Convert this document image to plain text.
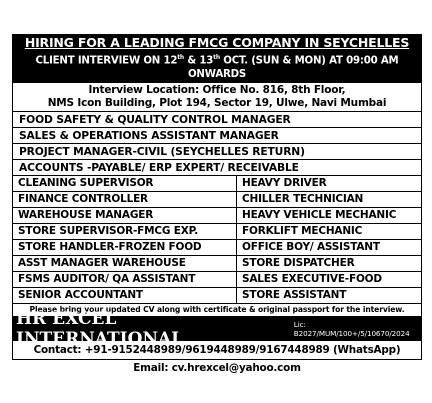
HIRING FOR A LEADING FMCG COMPANY IN SEYCHELLES
CLIENT INTERVIEW ON 12th & 13th OCT. (SUN & MON) AT 09:00 AM ONWARDS
Interview Location: Office No. 816, 8th Floor,
NMS Icon Building, Plot 194, Sector 19, Ulwe, Navi Mumbai
FOOD SAFETY & QUALITY CONTROL MANAGER
SALES & OPERATIONS ASSISTANT MANAGER
PROJECT MANAGER-CIVIL (SEYCHELLES RETURN)
ACCOUNTS -PAYABLE/ ERP EXPERT/ RECEIVABLE
CLEANING SUPERVISOR	HEAVY DRIVER
FINANCE CONTROLLER	CHILLER TECHNICIAN
WAREHOUSE MANAGER	HEAVY VEHICLE MECHANIC
STORE SUPERVISOR-FMCG EXP.	FORKLIFT MECHANIC
STORE HANDLER-FROZEN FOOD	OFFICE BOY/ ASSISTANT
ASST MANAGER WAREHOUSE	STORE DISPATCHER
FSMS AUDITOR/ QA ASSISTANT	SALES EXECUTIVE-FOOD
SENIOR ACCOUNTANT	STORE ASSISTANT
Please bring your updated CV along with certificate & original passport for the interview.
HR EXCEL INTERNATIONAL
Lic: B2027/MUM/100+/5/10670/2024
Contact: +91-9152448989/9619448989/9167448989 (WhatsApp)
Email: cv.hrexcel@yahoo.com
